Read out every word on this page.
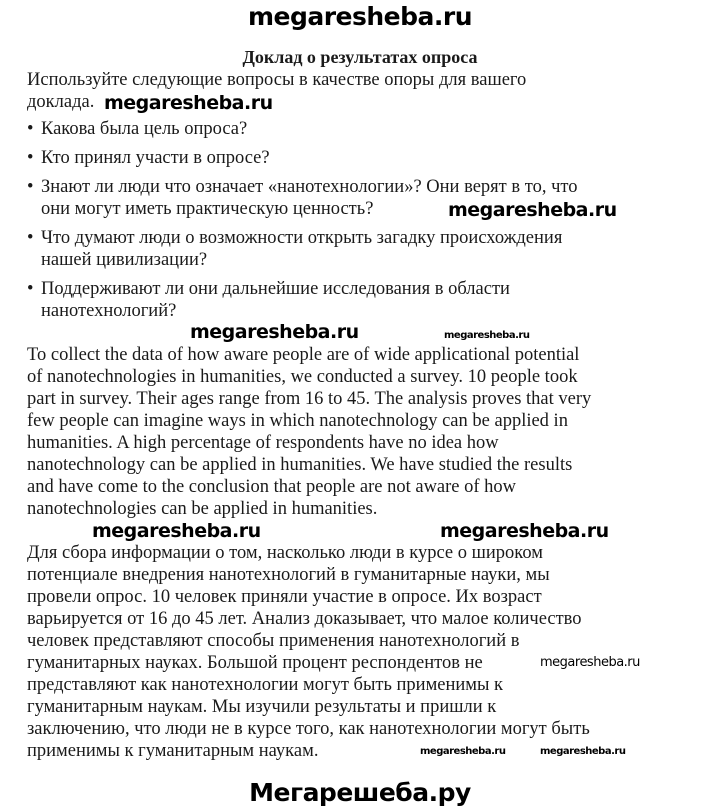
megaresheba.ru
Доклад о результатах опроса
Используйте следующие вопросы в качестве опоры для вашего
доклада.
• Какова была цель опроса?
• Кто принял участи в опросе?
• Знают ли люди что означает «нанотехнологии»? Они верят в то, что
они могут иметь практическую ценность?
• Что думают люди о возможности открыть загадку происхождения
нашей цивилизации?
• Поддерживают ли они дальнейшие исследования в области
нанотехнологий?
To collect the data of how aware people are of wide applicational potential
of nanotechnologies in humanities, we conducted a survey. 10 people took
part in survey. Their ages range from 16 to 45. The analysis proves that very
few people can imagine ways in which nanotechnology can be applied in
humanities. A high percentage of respondents have no idea how
nanotechnology can be applied in humanities. We have studied the results
and have come to the conclusion that people are not aware of how
nanotechnologies can be applied in humanities.
Для сбора информации о том, насколько люди в курсе о широком
потенциале внедрения нанотехнологий в гуманитарные науки, мы
провели опрос. 10 человек приняли участие в опросе. Их возраст
варьируется от 16 до 45 лет. Анализ доказывает, что малое количество
человек представляют способы применения нанотехнологий в
гуманитарных науках. Большой процент респондентов не
представляют как нанотехнологии могут быть применимы к
гуманитарным наукам. Мы изучили результаты и пришли к
заключению, что люди не в курсе того, как нанотехнологии могут быть
применимы к гуманитарным наукам.
megaresheba.ru
megaresheba.ru
megaresheba.ru	megaresheba.ru
megaresheba.ru	megaresheba.ru
megaresheba.ru
megaresheba.ru	megaresheba.ru
Мегарешеба.ру
